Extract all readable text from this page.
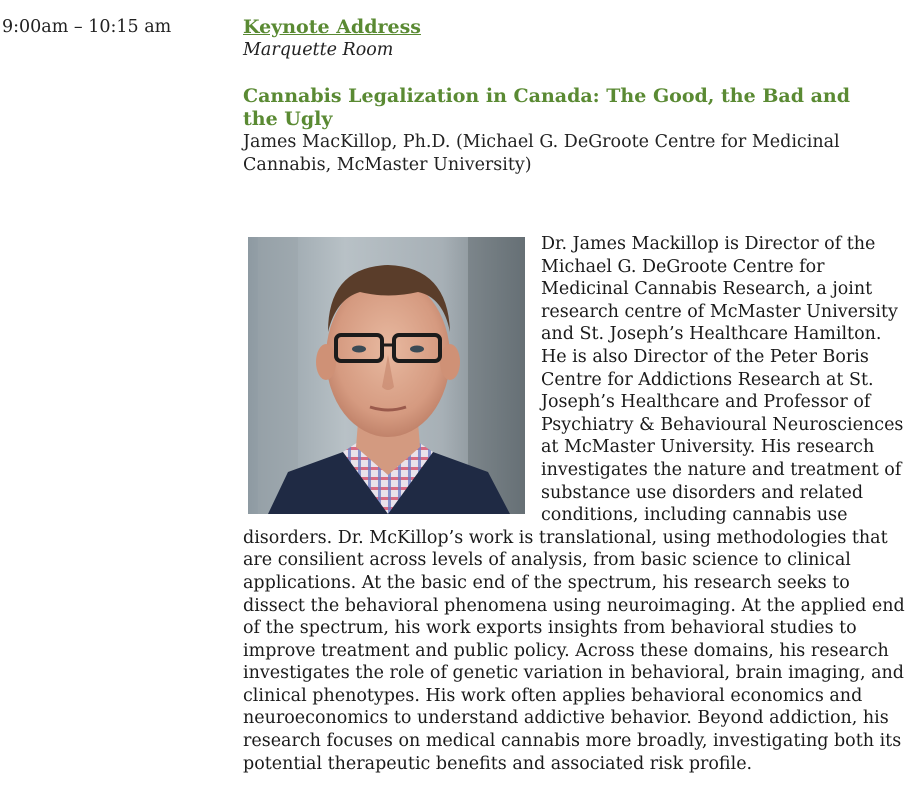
9:00am – 10:15 am	Keynote Address
Marquette Room
Cannabis Legalization in Canada: The Good, the Bad and the Ugly
James MacKillop, Ph.D. (Michael G. DeGroote Centre for Medicinal Cannabis, McMaster University)
Dr. James Mackillop is Director of the Michael G. DeGroote Centre for Medicinal Cannabis Research, a joint research centre of McMaster University and St. Joseph’s Healthcare Hamilton. He is also Director of the Peter Boris Centre for Addictions Research at St. Joseph’s Healthcare and Professor of Psychiatry & Behavioural Neurosciences at McMaster University. His research investigates the nature and treatment of substance use disorders and related conditions, including cannabis use disorders. Dr. McKillop’s work is translational, using methodologies that are consilient across levels of analysis, from basic science to clinical applications. At the basic end of the spectrum, his research seeks to dissect the behavioral phenomena using neuroimaging. At the applied end of the spectrum, his work exports insights from behavioral studies to improve treatment and public policy. Across these domains, his research investigates the role of genetic variation in behavioral, brain imaging, and clinical phenotypes. His work often applies behavioral economics and neuroeconomics to understand addictive behavior. Beyond addiction, his research focuses on medical cannabis more broadly, investigating both its potential therapeutic benefits and associated risk profile.
